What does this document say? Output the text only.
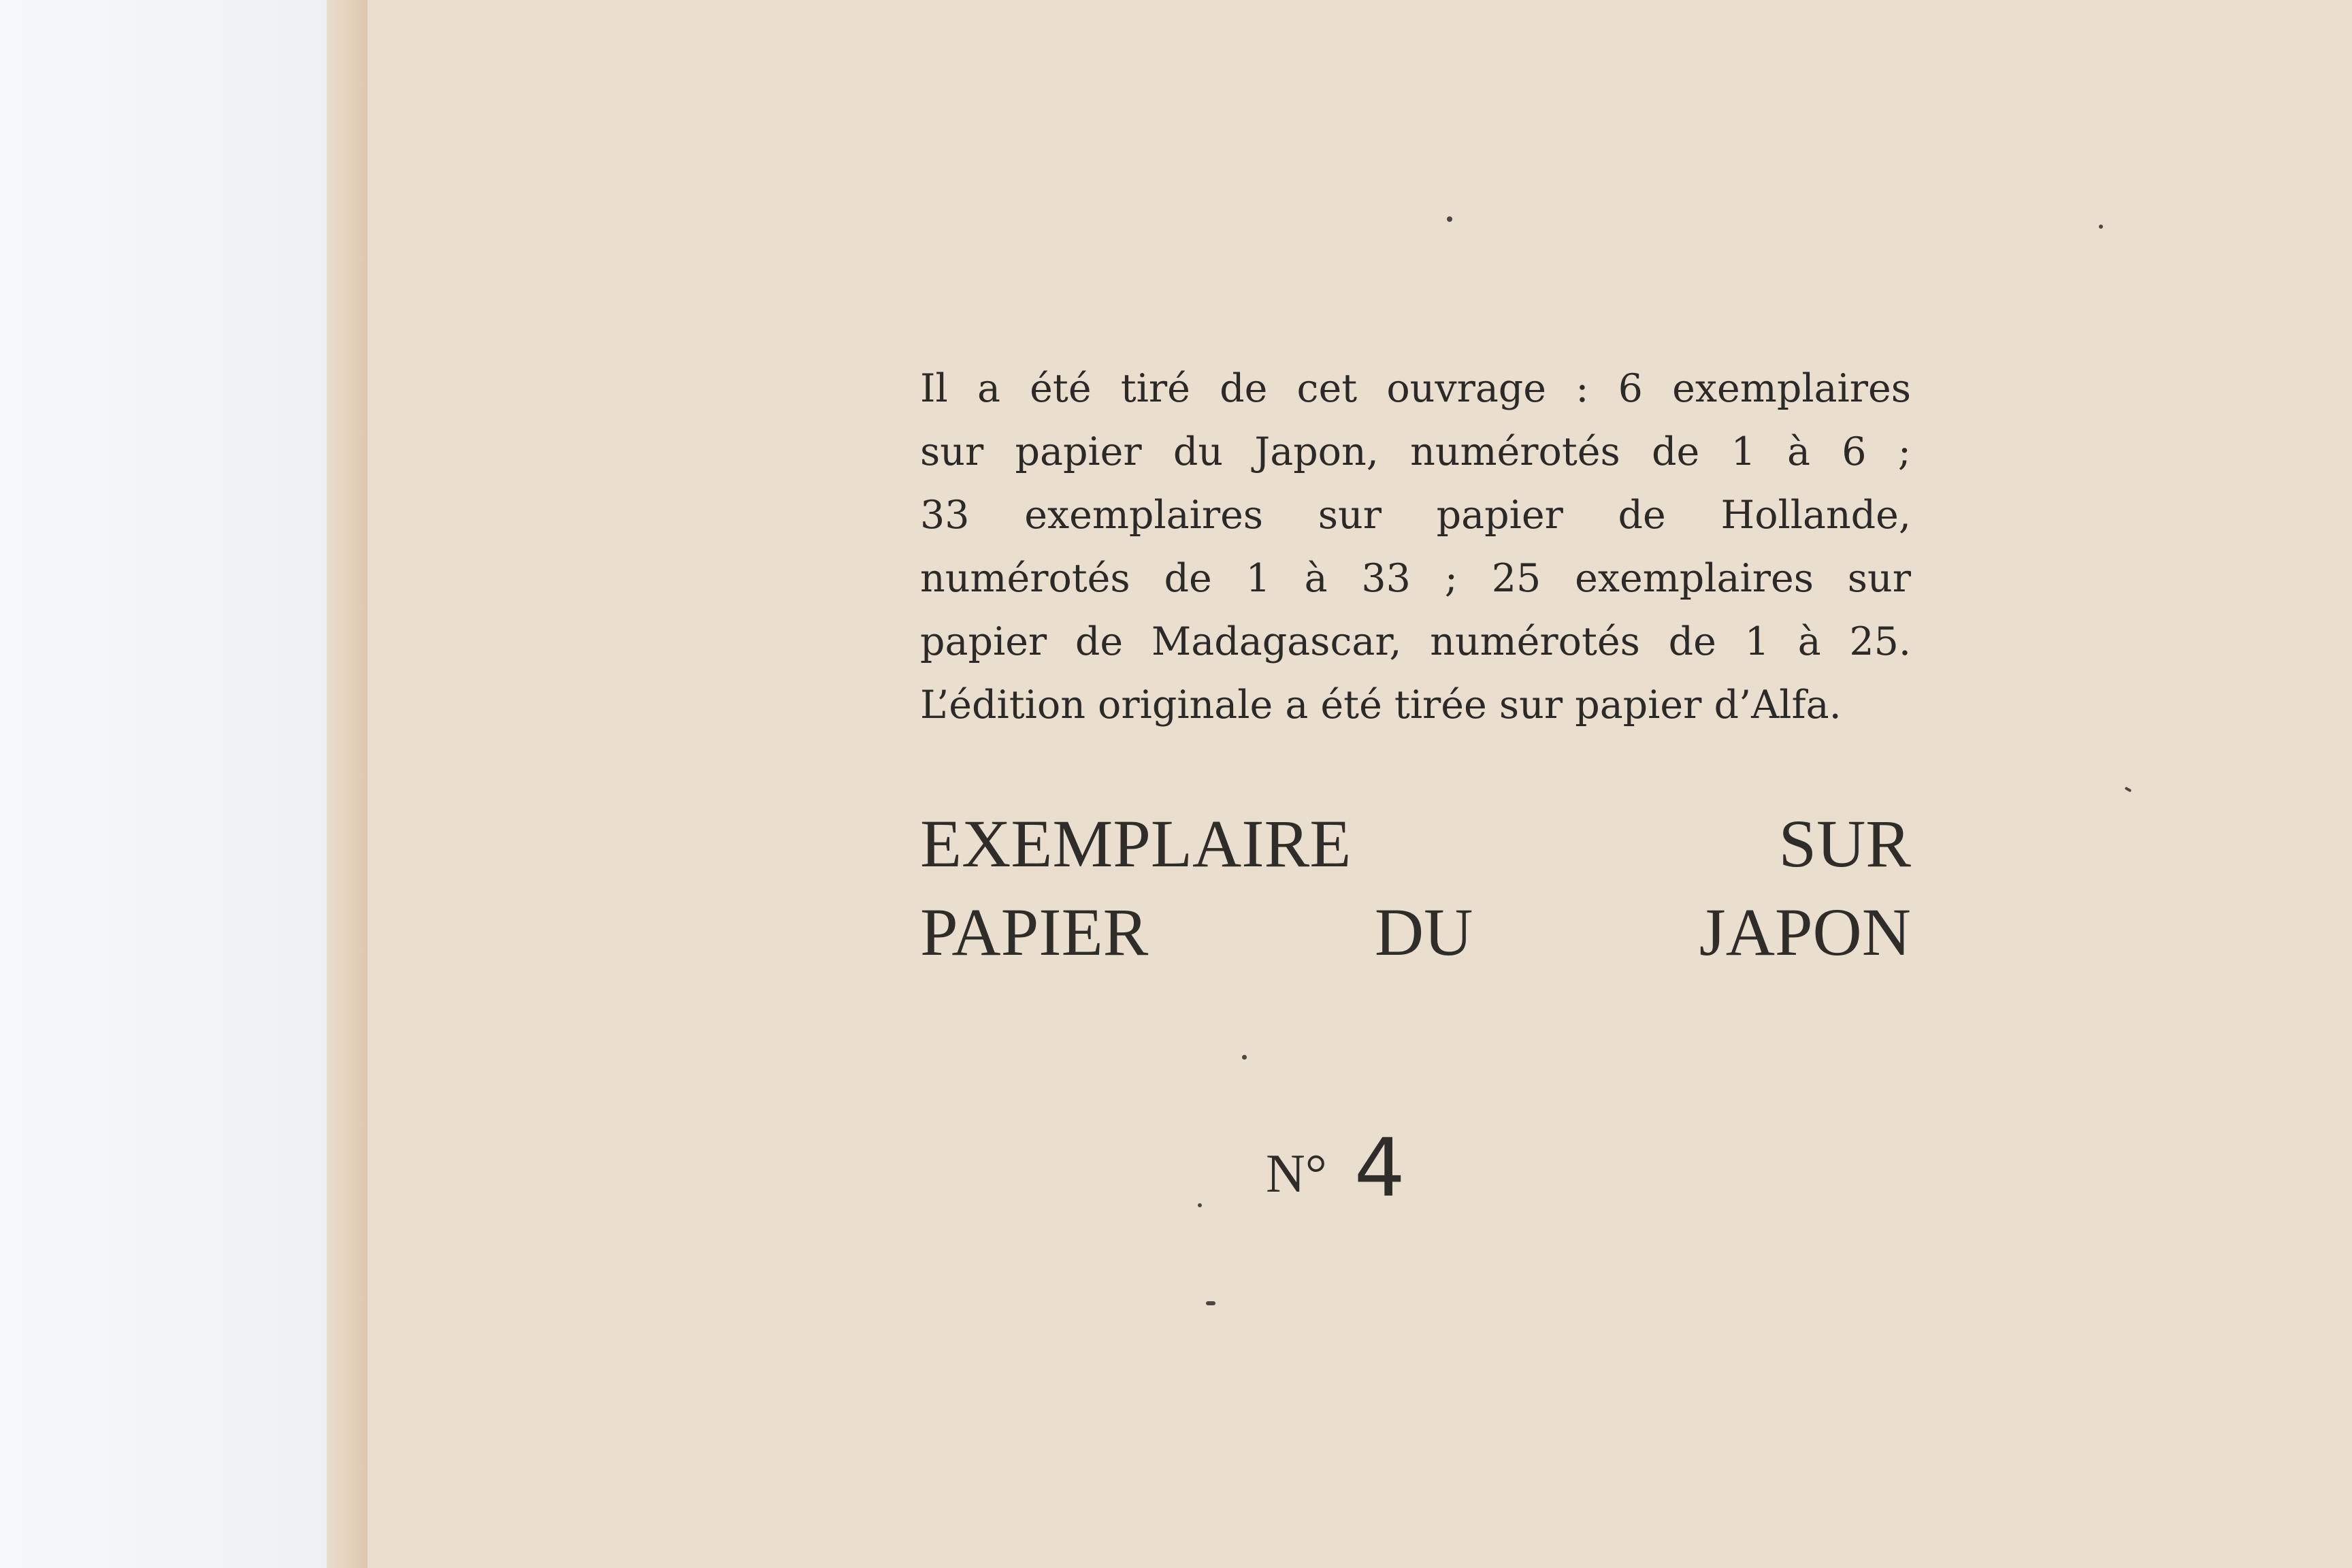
Il a été tiré de cet ouvrage : 6 exemplaires
sur papier du Japon, numérotés de 1 à 6 ;
33 exemplaires sur papier de Hollande,
numérotés de 1 à 33 ; 25 exemplaires sur
papier de Madagascar, numérotés de 1 à 25.
L’édition originale a été tirée sur papier d’Alfa.
EXEMPLAIRE	SUR
PAPIER	DU	JAPON
N° 4
